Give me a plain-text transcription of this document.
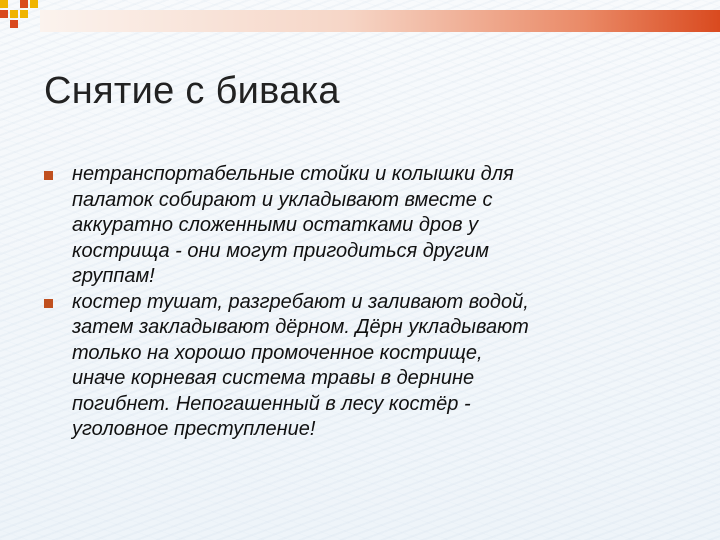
Снятие с бивака
нетранспортабельные стойки и колышки для
палаток собирают и укладывают вместе с
аккуратно сложенными остатками дров у
кострища - они могут пригодиться другим
группам!
костер тушат, разгребают и заливают водой,
затем закладывают дёрном. Дёрн укладывают
только на хорошо промоченное кострище,
иначе корневая система травы в дернине
погибнет. Непогашенный в лесу костёр -
уголовное преступление!
